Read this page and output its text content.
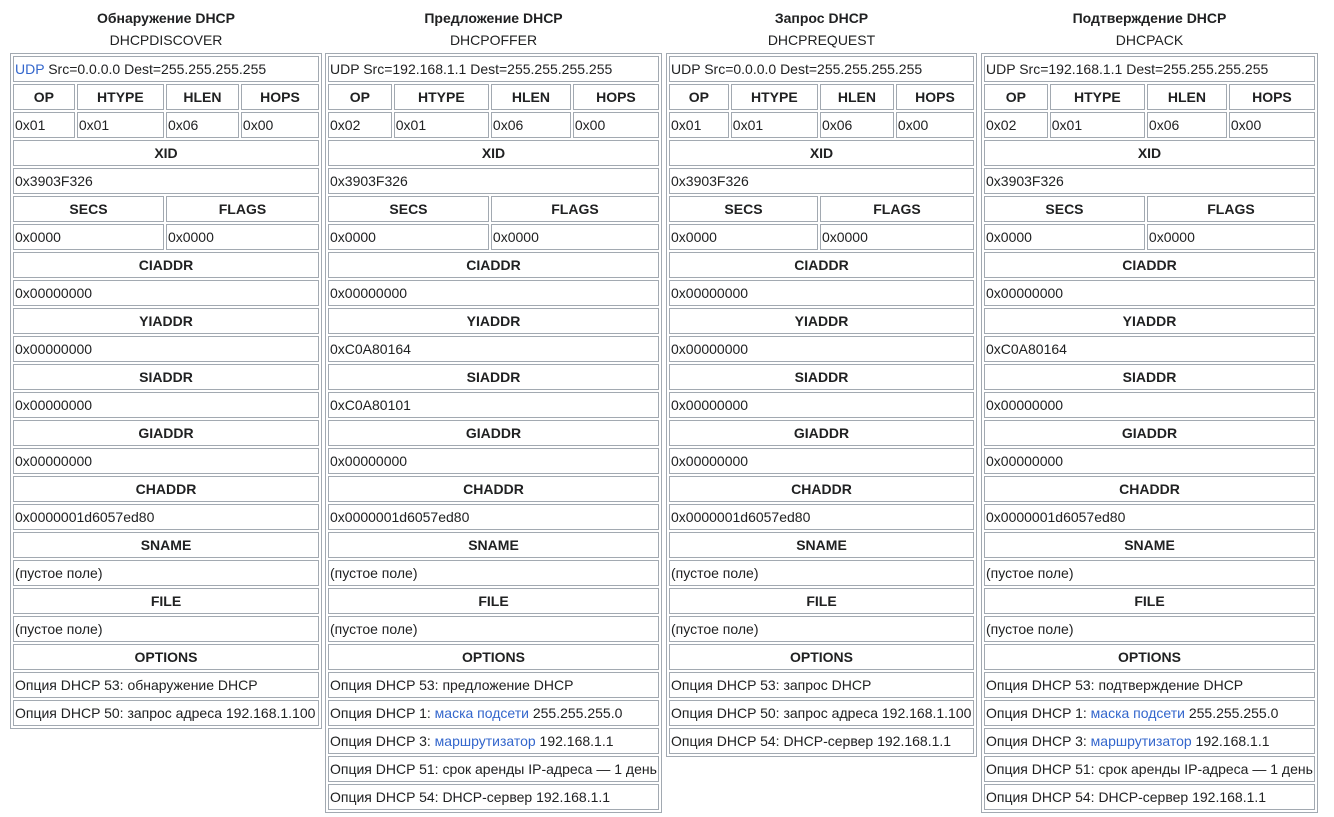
Обнаружение DHCP
DHCPDISCOVER
UDP Src=0.0.0.0 Dest=255.255.255.255			
OP	HTYPE	HLEN	HOPS
0x01	0x01	0x06	0x00
XID			
0x3903F326			
SECS		FLAGS	
0x0000		0x0000	
CIADDR			
0x00000000			
YIADDR			
0x00000000			
SIADDR			
0x00000000			
GIADDR			
0x00000000			
CHADDR			
0x0000001d6057ed80			
SNAME			
(пустое поле)			
FILE			
(пустое поле)			
OPTIONS			
Опция DHCP 53: обнаружение DHCP			
Опция DHCP 50: запрос адреса 192.168.1.100			
Предложение DHCP
DHCPOFFER
UDP Src=192.168.1.1 Dest=255.255.255.255			
OP	HTYPE	HLEN	HOPS
0x02	0x01	0x06	0x00
XID			
0x3903F326			
SECS		FLAGS	
0x0000		0x0000	
CIADDR			
0x00000000			
YIADDR			
0xC0A80164			
SIADDR			
0xC0A80101			
GIADDR			
0x00000000			
CHADDR			
0x0000001d6057ed80			
SNAME			
(пустое поле)			
FILE			
(пустое поле)			
OPTIONS			
Опция DHCP 53: предложение DHCP			
Опция DHCP 1: маска подсети 255.255.255.0			
Опция DHCP 3: маршрутизатор 192.168.1.1			
Опция DHCP 51: срок аренды IP-адреса — 1 день			
Опция DHCP 54: DHCP-сервер 192.168.1.1			
Запрос DHCP
DHCPREQUEST
UDP Src=0.0.0.0 Dest=255.255.255.255			
OP	HTYPE	HLEN	HOPS
0x01	0x01	0x06	0x00
XID			
0x3903F326			
SECS		FLAGS	
0x0000		0x0000	
CIADDR			
0x00000000			
YIADDR			
0x00000000			
SIADDR			
0x00000000			
GIADDR			
0x00000000			
CHADDR			
0x0000001d6057ed80			
SNAME			
(пустое поле)			
FILE			
(пустое поле)			
OPTIONS			
Опция DHCP 53: запрос DHCP			
Опция DHCP 50: запрос адреса 192.168.1.100			
Опция DHCP 54: DHCP-сервер 192.168.1.1			
Подтверждение DHCP
DHCPACK
UDP Src=192.168.1.1 Dest=255.255.255.255			
OP	HTYPE	HLEN	HOPS
0x02	0x01	0x06	0x00
XID			
0x3903F326			
SECS		FLAGS	
0x0000		0x0000	
CIADDR			
0x00000000			
YIADDR			
0xC0A80164			
SIADDR			
0x00000000			
GIADDR			
0x00000000			
CHADDR			
0x0000001d6057ed80			
SNAME			
(пустое поле)			
FILE			
(пустое поле)			
OPTIONS			
Опция DHCP 53: подтверждение DHCP			
Опция DHCP 1: маска подсети 255.255.255.0			
Опция DHCP 3: маршрутизатор 192.168.1.1			
Опция DHCP 51: срок аренды IP-адреса — 1 день			
Опция DHCP 54: DHCP-сервер 192.168.1.1			
